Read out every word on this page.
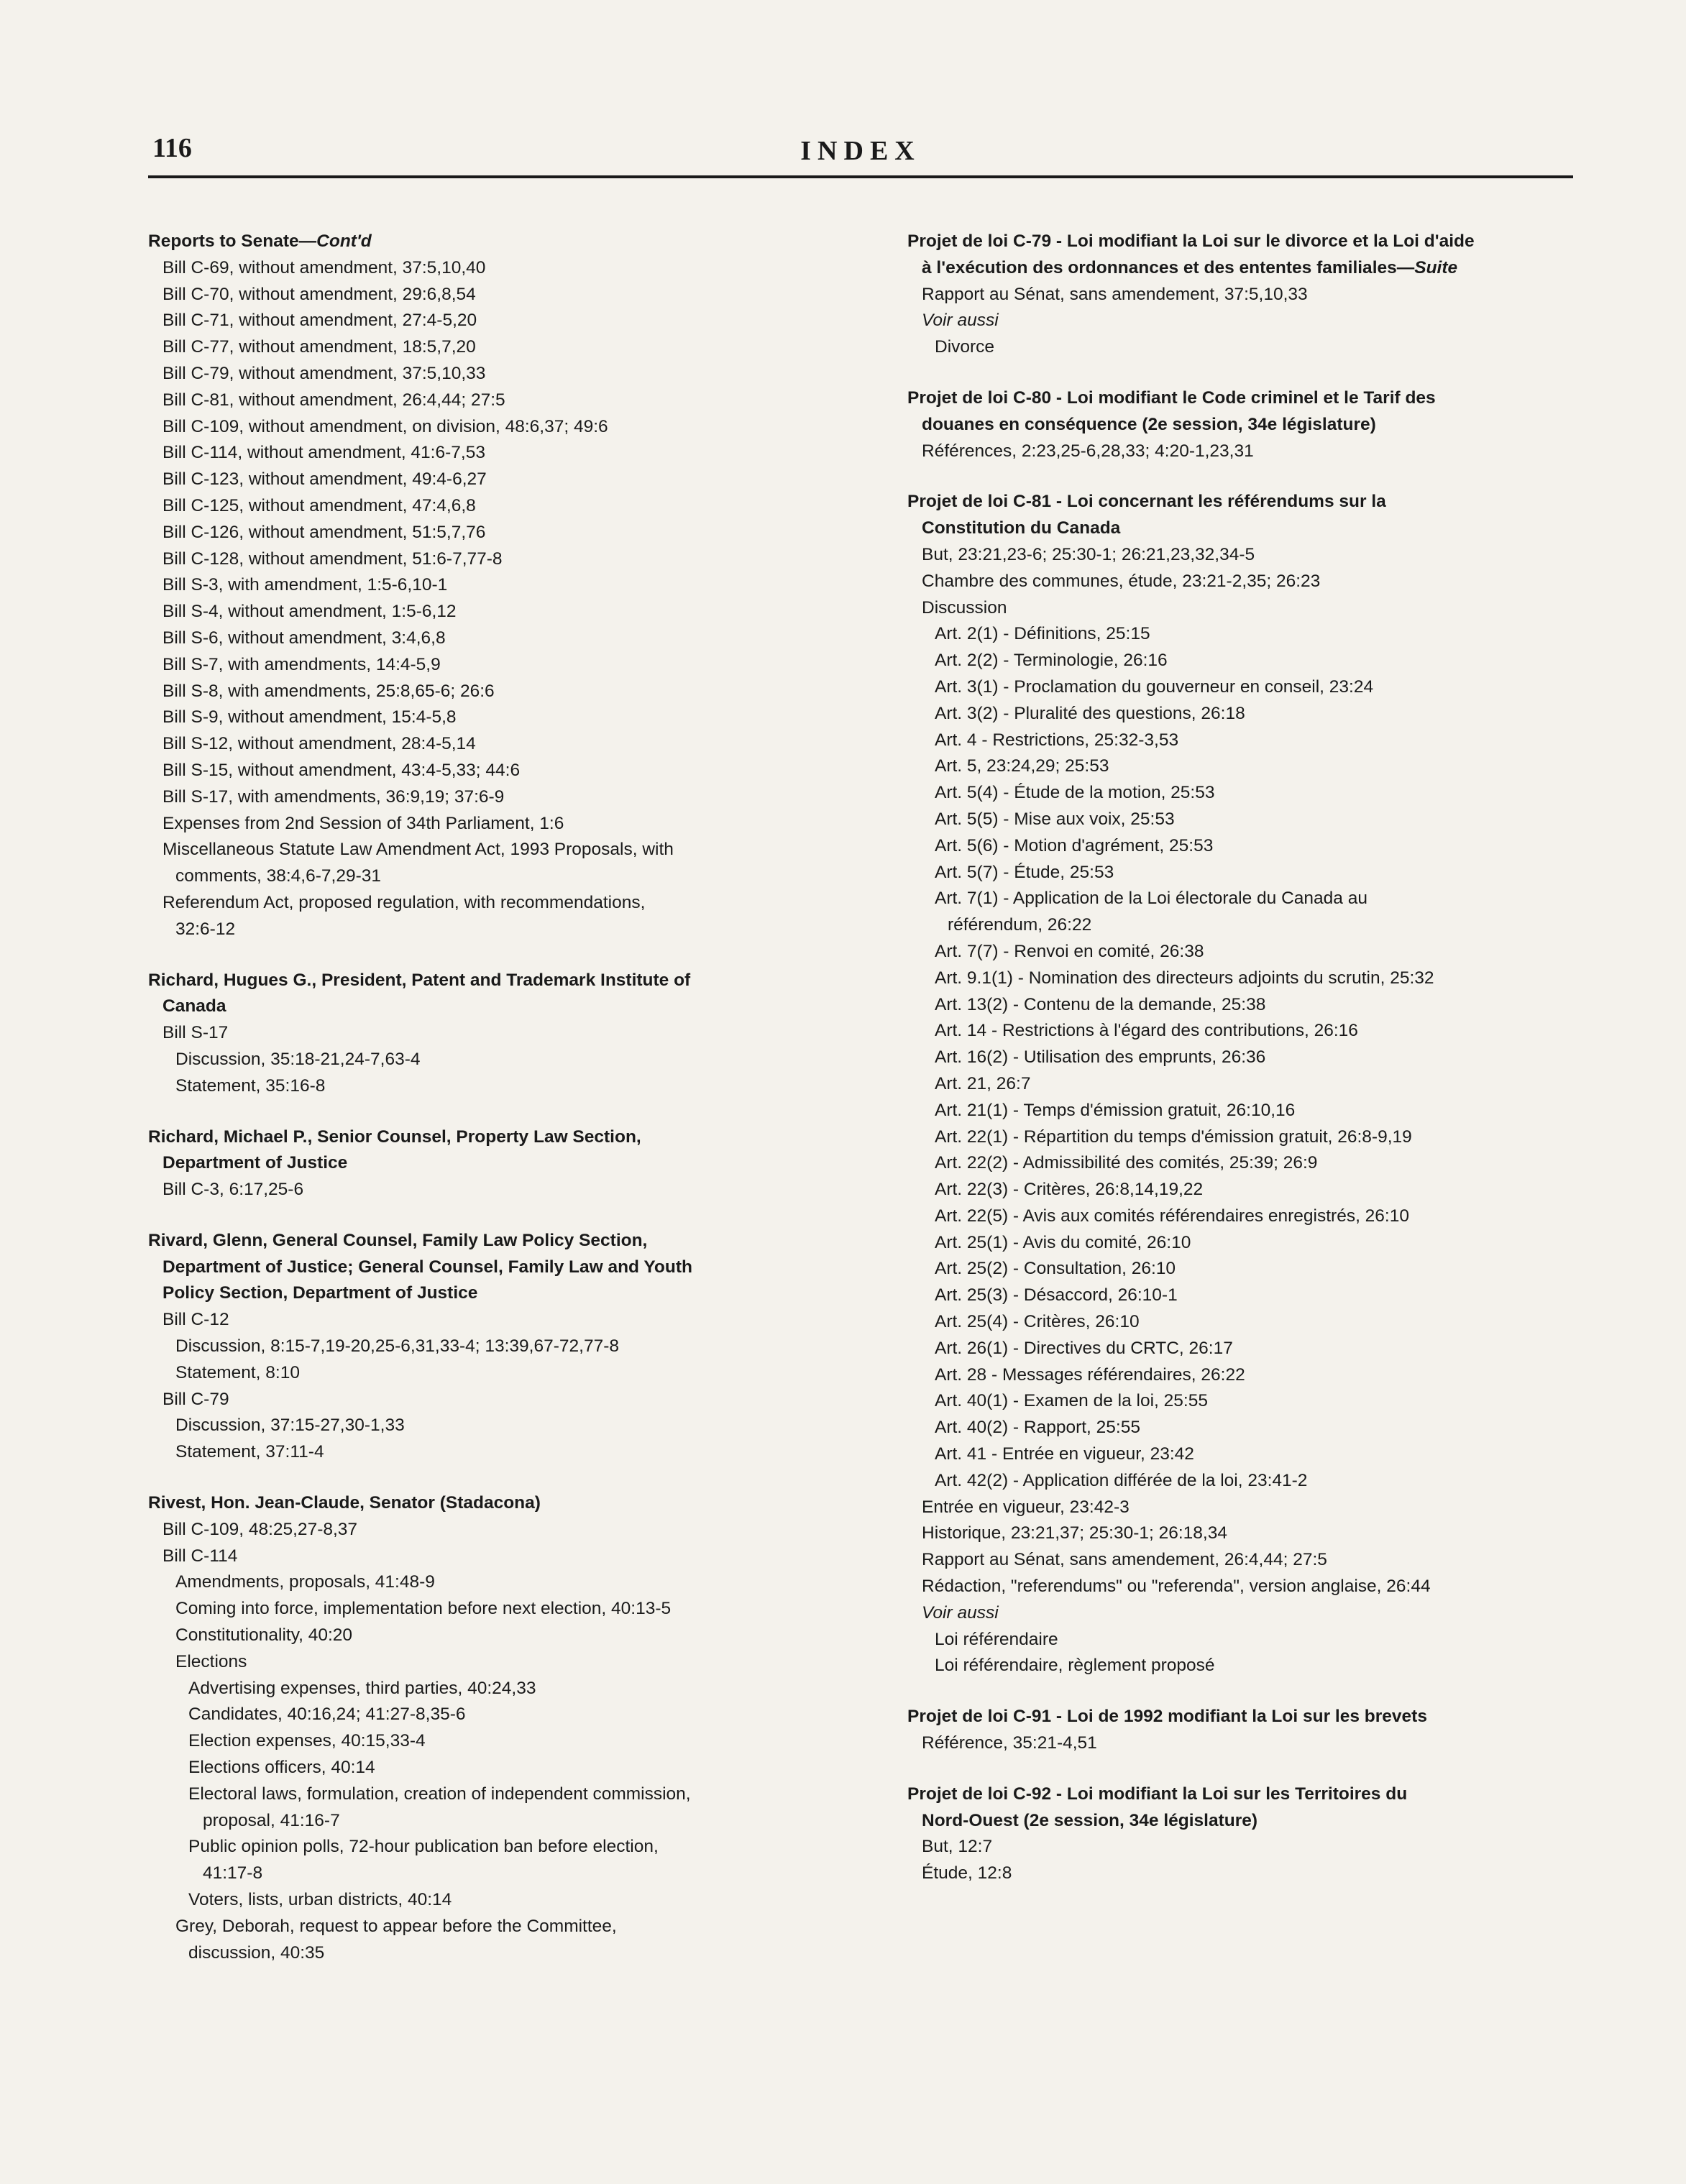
116	INDEX
Reports to Senate—Cont'd
Bill C-69, without amendment, 37:5,10,40
Bill C-70, without amendment, 29:6,8,54
Bill C-71, without amendment, 27:4-5,20
Bill C-77, without amendment, 18:5,7,20
Bill C-79, without amendment, 37:5,10,33
Bill C-81, without amendment, 26:4,44; 27:5
Bill C-109, without amendment, on division, 48:6,37; 49:6
Bill C-114, without amendment, 41:6-7,53
Bill C-123, without amendment, 49:4-6,27
Bill C-125, without amendment, 47:4,6,8
Bill C-126, without amendment, 51:5,7,76
Bill C-128, without amendment, 51:6-7,77-8
Bill S-3, with amendment, 1:5-6,10-1
Bill S-4, without amendment, 1:5-6,12
Bill S-6, without amendment, 3:4,6,8
Bill S-7, with amendments, 14:4-5,9
Bill S-8, with amendments, 25:8,65-6; 26:6
Bill S-9, without amendment, 15:4-5,8
Bill S-12, without amendment, 28:4-5,14
Bill S-15, without amendment, 43:4-5,33; 44:6
Bill S-17, with amendments, 36:9,19; 37:6-9
Expenses from 2nd Session of 34th Parliament, 1:6
Miscellaneous Statute Law Amendment Act, 1993 Proposals, with
comments, 38:4,6-7,29-31
Referendum Act, proposed regulation, with recommendations,
32:6-12
Richard, Hugues G., President, Patent and Trademark Institute of
Canada
Bill S-17
Discussion, 35:18-21,24-7,63-4
Statement, 35:16-8
Richard, Michael P., Senior Counsel, Property Law Section,
Department of Justice
Bill C-3, 6:17,25-6
Rivard, Glenn, General Counsel, Family Law Policy Section,
Department of Justice; General Counsel, Family Law and Youth
Policy Section, Department of Justice
Bill C-12
Discussion, 8:15-7,19-20,25-6,31,33-4; 13:39,67-72,77-8
Statement, 8:10
Bill C-79
Discussion, 37:15-27,30-1,33
Statement, 37:11-4
Rivest, Hon. Jean-Claude, Senator (Stadacona)
Bill C-109, 48:25,27-8,37
Bill C-114
Amendments, proposals, 41:48-9
Coming into force, implementation before next election, 40:13-5
Constitutionality, 40:20
Elections
Advertising expenses, third parties, 40:24,33
Candidates, 40:16,24; 41:27-8,35-6
Election expenses, 40:15,33-4
Elections officers, 40:14
Electoral laws, formulation, creation of independent commission,
proposal, 41:16-7
Public opinion polls, 72-hour publication ban before election,
41:17-8
Voters, lists, urban districts, 40:14
Grey, Deborah, request to appear before the Committee,
discussion, 40:35
Projet de loi C-79 - Loi modifiant la Loi sur le divorce et la Loi d'aide
à l'exécution des ordonnances et des ententes familiales—Suite
Rapport au Sénat, sans amendement, 37:5,10,33
Voir aussi
Divorce
Projet de loi C-80 - Loi modifiant le Code criminel et le Tarif des
douanes en conséquence (2e session, 34e législature)
Références, 2:23,25-6,28,33; 4:20-1,23,31
Projet de loi C-81 - Loi concernant les référendums sur la
Constitution du Canada
But, 23:21,23-6; 25:30-1; 26:21,23,32,34-5
Chambre des communes, étude, 23:21-2,35; 26:23
Discussion
Art. 2(1) - Définitions, 25:15
Art. 2(2) - Terminologie, 26:16
Art. 3(1) - Proclamation du gouverneur en conseil, 23:24
Art. 3(2) - Pluralité des questions, 26:18
Art. 4 - Restrictions, 25:32-3,53
Art. 5, 23:24,29; 25:53
Art. 5(4) - Étude de la motion, 25:53
Art. 5(5) - Mise aux voix, 25:53
Art. 5(6) - Motion d'agrément, 25:53
Art. 5(7) - Étude, 25:53
Art. 7(1) - Application de la Loi électorale du Canada au
référendum, 26:22
Art. 7(7) - Renvoi en comité, 26:38
Art. 9.1(1) - Nomination des directeurs adjoints du scrutin, 25:32
Art. 13(2) - Contenu de la demande, 25:38
Art. 14 - Restrictions à l'égard des contributions, 26:16
Art. 16(2) - Utilisation des emprunts, 26:36
Art. 21, 26:7
Art. 21(1) - Temps d'émission gratuit, 26:10,16
Art. 22(1) - Répartition du temps d'émission gratuit, 26:8-9,19
Art. 22(2) - Admissibilité des comités, 25:39; 26:9
Art. 22(3) - Critères, 26:8,14,19,22
Art. 22(5) - Avis aux comités référendaires enregistrés, 26:10
Art. 25(1) - Avis du comité, 26:10
Art. 25(2) - Consultation, 26:10
Art. 25(3) - Désaccord, 26:10-1
Art. 25(4) - Critères, 26:10
Art. 26(1) - Directives du CRTC, 26:17
Art. 28 - Messages référendaires, 26:22
Art. 40(1) - Examen de la loi, 25:55
Art. 40(2) - Rapport, 25:55
Art. 41 - Entrée en vigueur, 23:42
Art. 42(2) - Application différée de la loi, 23:41-2
Entrée en vigueur, 23:42-3
Historique, 23:21,37; 25:30-1; 26:18,34
Rapport au Sénat, sans amendement, 26:4,44; 27:5
Rédaction, "referendums" ou "referenda", version anglaise, 26:44
Voir aussi
Loi référendaire
Loi référendaire, règlement proposé
Projet de loi C-91 - Loi de 1992 modifiant la Loi sur les brevets
Référence, 35:21-4,51
Projet de loi C-92 - Loi modifiant la Loi sur les Territoires du
Nord-Ouest (2e session, 34e législature)
But, 12:7
Étude, 12:8
